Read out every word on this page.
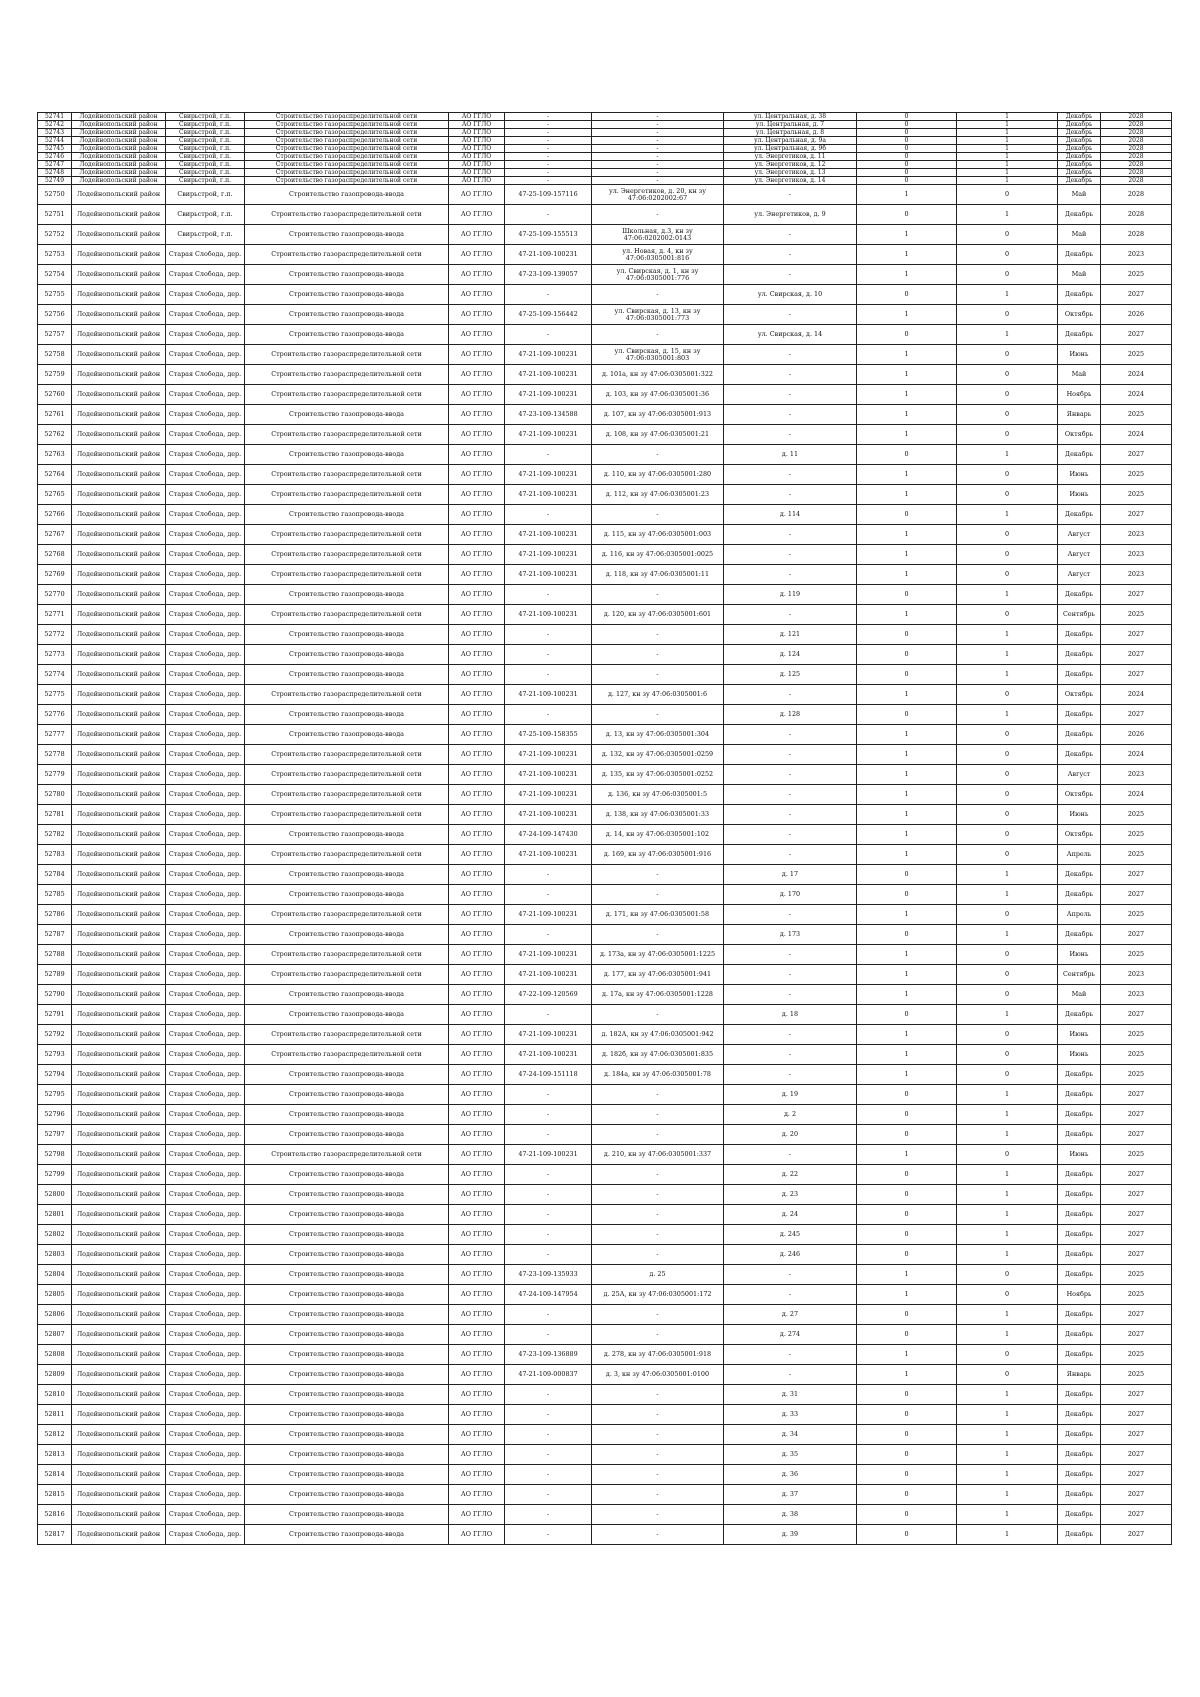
52741	Лодейнопольский район	Свирьстрой, г.п.	Строительство газораспределительной сети	АО ГГЛО	-	-	ул. Центральная, д. 38	0	1	Декабрь	2028
52742	Лодейнопольский район	Свирьстрой, г.п.	Строительство газораспределительной сети	АО ГГЛО	-	-	ул. Центральная, д. 7	0	1	Декабрь	2028
52743	Лодейнопольский район	Свирьстрой, г.п.	Строительство газораспределительной сети	АО ГГЛО	-	-	ул. Центральная, д. 8	0	1	Декабрь	2028
52744	Лодейнопольский район	Свирьстрой, г.п.	Строительство газораспределительной сети	АО ГГЛО	-	-	ул. Центральная, д. 9а	0	1	Декабрь	2028
52745	Лодейнопольский район	Свирьстрой, г.п.	Строительство газораспределительной сети	АО ГГЛО	-	-	ул. Центральная, д. 9б	0	1	Декабрь	2028
52746	Лодейнопольский район	Свирьстрой, г.п.	Строительство газораспределительной сети	АО ГГЛО	-	-	ул. Энергетиков, д. 11	0	1	Декабрь	2028
52747	Лодейнопольский район	Свирьстрой, г.п.	Строительство газораспределительной сети	АО ГГЛО	-	-	ул. Энергетиков, д. 12	0	1	Декабрь	2028
52748	Лодейнопольский район	Свирьстрой, г.п.	Строительство газораспределительной сети	АО ГГЛО	-	-	ул. Энергетиков, д. 13	0	1	Декабрь	2028
52749	Лодейнопольский район	Свирьстрой, г.п.	Строительство газораспределительной сети	АО ГГЛО	-	-	ул. Энергетиков, д. 14	0	1	Декабрь	2028
52750	Лодейнопольский район	Свирьстрой, г.п.	Строительство газопровода-ввода	АО ГГЛО	47-25-109-157116	ул. Энергетиков, д. 20, кн зу 47:06:0202002:67	-	1	0	Май	2028
52751	Лодейнопольский район	Свирьстрой, г.п.	Строительство газораспределительной сети	АО ГГЛО	-	-	ул. Энергетиков, д. 9	0	1	Декабрь	2028
52752	Лодейнопольский район	Свирьстрой, г.п.	Строительство газопровода-ввода	АО ГГЛО	47-25-109-155513	Школьная, д.3, кн зу 47:06:0202002:0143	-	1	0	Май	2028
52753	Лодейнопольский район	Старая Слобода, дер.	Строительство газораспределительной сети	АО ГГЛО	47-21-109-100231	ул. Новая, д. 4, кн зу 47:06:0305001:816	-	1	0	Декабрь	2023
52754	Лодейнопольский район	Старая Слобода, дер.	Строительство газопровода-ввода	АО ГГЛО	47-23-109-139057	ул. Свирская, д. 1, кн зу 47:06:0305001:776	-	1	0	Май	2025
52755	Лодейнопольский район	Старая Слобода, дер.	Строительство газопровода-ввода	АО ГГЛО	-	-	ул. Свирская, д. 10	0	1	Декабрь	2027
52756	Лодейнопольский район	Старая Слобода, дер.	Строительство газопровода-ввода	АО ГГЛО	47-25-109-156442	ул. Свирская, д. 13, кн зу 47:06:0305001:773	-	1	0	Октябрь	2026
52757	Лодейнопольский район	Старая Слобода, дер.	Строительство газопровода-ввода	АО ГГЛО	-	-	ул. Свирская, д. 14	0	1	Декабрь	2027
52758	Лодейнопольский район	Старая Слобода, дер.	Строительство газораспределительной сети	АО ГГЛО	47-21-109-100231	ул. Свирская, д. 15, кн зу 47:06:0305001:803	-	1	0	Июнь	2025
52759	Лодейнопольский район	Старая Слобода, дер.	Строительство газораспределительной сети	АО ГГЛО	47-21-109-100231	д. 101а, кн зу 47:06:0305001:322	-	1	0	Май	2024
52760	Лодейнопольский район	Старая Слобода, дер.	Строительство газораспределительной сети	АО ГГЛО	47-21-109-100231	д. 103, кн зу 47:06:0305001:36	-	1	0	Ноябрь	2024
52761	Лодейнопольский район	Старая Слобода, дер.	Строительство газопровода-ввода	АО ГГЛО	47-23-109-134588	д. 107, кн зу 47:06:0305001:913	-	1	0	Январь	2025
52762	Лодейнопольский район	Старая Слобода, дер.	Строительство газораспределительной сети	АО ГГЛО	47-21-109-100231	д. 108, кн зу 47:06:0305001:21	-	1	0	Октябрь	2024
52763	Лодейнопольский район	Старая Слобода, дер.	Строительство газопровода-ввода	АО ГГЛО	-	-	д. 11	0	1	Декабрь	2027
52764	Лодейнопольский район	Старая Слобода, дер.	Строительство газораспределительной сети	АО ГГЛО	47-21-109-100231	д. 110, кн зу 47:06:0305001:280	-	1	0	Июнь	2025
52765	Лодейнопольский район	Старая Слобода, дер.	Строительство газораспределительной сети	АО ГГЛО	47-21-109-100231	д. 112, кн зу 47:06:0305001:23	-	1	0	Июнь	2025
52766	Лодейнопольский район	Старая Слобода, дер.	Строительство газопровода-ввода	АО ГГЛО	-	-	д. 114	0	1	Декабрь	2027
52767	Лодейнопольский район	Старая Слобода, дер.	Строительство газораспределительной сети	АО ГГЛО	47-21-109-100231	д. 115, кн зу 47:06:0305001:003	-	1	0	Август	2023
52768	Лодейнопольский район	Старая Слобода, дер.	Строительство газораспределительной сети	АО ГГЛО	47-21-109-100231	д. 116, кн зу 47:06:0305001:0025	-	1	0	Август	2023
52769	Лодейнопольский район	Старая Слобода, дер.	Строительство газораспределительной сети	АО ГГЛО	47-21-109-100231	д. 118, кн зу 47:06:0305001:11	-	1	0	Август	2023
52770	Лодейнопольский район	Старая Слобода, дер.	Строительство газопровода-ввода	АО ГГЛО	-	-	д. 119	0	1	Декабрь	2027
52771	Лодейнопольский район	Старая Слобода, дер.	Строительство газораспределительной сети	АО ГГЛО	47-21-109-100231	д. 120, кн зу 47:06:0305001:601	-	1	0	Сентябрь	2025
52772	Лодейнопольский район	Старая Слобода, дер.	Строительство газопровода-ввода	АО ГГЛО	-	-	д. 121	0	1	Декабрь	2027
52773	Лодейнопольский район	Старая Слобода, дер.	Строительство газопровода-ввода	АО ГГЛО	-	-	д. 124	0	1	Декабрь	2027
52774	Лодейнопольский район	Старая Слобода, дер.	Строительство газопровода-ввода	АО ГГЛО	-	-	д. 125	0	1	Декабрь	2027
52775	Лодейнопольский район	Старая Слобода, дер.	Строительство газораспределительной сети	АО ГГЛО	47-21-109-100231	д. 127, кн зу 47:06:0305001:6	-	1	0	Октябрь	2024
52776	Лодейнопольский район	Старая Слобода, дер.	Строительство газопровода-ввода	АО ГГЛО	-	-	д. 128	0	1	Декабрь	2027
52777	Лодейнопольский район	Старая Слобода, дер.	Строительство газопровода-ввода	АО ГГЛО	47-25-109-158355	д. 13, кн зу 47:06:0305001:304	-	1	0	Декабрь	2026
52778	Лодейнопольский район	Старая Слобода, дер.	Строительство газораспределительной сети	АО ГГЛО	47-21-109-100231	д. 132, кн зу 47:06:0305001:0259	-	1	0	Декабрь	2024
52779	Лодейнопольский район	Старая Слобода, дер.	Строительство газораспределительной сети	АО ГГЛО	47-21-109-100231	д. 135, кн зу 47:06:0305001:0252	-	1	0	Август	2023
52780	Лодейнопольский район	Старая Слобода, дер.	Строительство газораспределительной сети	АО ГГЛО	47-21-109-100231	д. 136, кн зу 47:06:0305001:5	-	1	0	Октябрь	2024
52781	Лодейнопольский район	Старая Слобода, дер.	Строительство газораспределительной сети	АО ГГЛО	47-21-109-100231	д. 138, кн зу 47:06:0305001:33	-	1	0	Июнь	2025
52782	Лодейнопольский район	Старая Слобода, дер.	Строительство газопровода-ввода	АО ГГЛО	47-24-109-147430	д. 14, кн зу 47:06:0305001:102	-	1	0	Октябрь	2025
52783	Лодейнопольский район	Старая Слобода, дер.	Строительство газораспределительной сети	АО ГГЛО	47-21-109-100231	д. 169, кн зу 47:06:0305001:916	-	1	0	Апрель	2025
52784	Лодейнопольский район	Старая Слобода, дер.	Строительство газопровода-ввода	АО ГГЛО	-	-	д. 17	0	1	Декабрь	2027
52785	Лодейнопольский район	Старая Слобода, дер.	Строительство газопровода-ввода	АО ГГЛО	-	-	д. 170	0	1	Декабрь	2027
52786	Лодейнопольский район	Старая Слобода, дер.	Строительство газораспределительной сети	АО ГГЛО	47-21-109-100231	д. 171, кн зу 47:06:0305001:58	-	1	0	Апрель	2025
52787	Лодейнопольский район	Старая Слобода, дер.	Строительство газопровода-ввода	АО ГГЛО	-	-	д. 173	0	1	Декабрь	2027
52788	Лодейнопольский район	Старая Слобода, дер.	Строительство газораспределительной сети	АО ГГЛО	47-21-109-100231	д. 173а, кн зу 47:06:0305001:1225	-	1	0	Июнь	2025
52789	Лодейнопольский район	Старая Слобода, дер.	Строительство газораспределительной сети	АО ГГЛО	47-21-109-100231	д. 177, кн зу 47:06:0305001:941	-	1	0	Сентябрь	2023
52790	Лодейнопольский район	Старая Слобода, дер.	Строительство газопровода-ввода	АО ГГЛО	47-22-109-120569	д. 17а, кн зу 47:06:0305001:1228	-	1	0	Май	2023
52791	Лодейнопольский район	Старая Слобода, дер.	Строительство газопровода-ввода	АО ГГЛО	-	-	д. 18	0	1	Декабрь	2027
52792	Лодейнопольский район	Старая Слобода, дер.	Строительство газораспределительной сети	АО ГГЛО	47-21-109-100231	д. 182А, кн зу 47:06:0305001:942	-	1	0	Июнь	2025
52793	Лодейнопольский район	Старая Слобода, дер.	Строительство газораспределительной сети	АО ГГЛО	47-21-109-100231	д. 182б, кн зу 47:06:0305001:835	-	1	0	Июнь	2025
52794	Лодейнопольский район	Старая Слобода, дер.	Строительство газопровода-ввода	АО ГГЛО	47-24-109-151118	д. 184а, кн зу 47:06:0305001:78	-	1	0	Декабрь	2025
52795	Лодейнопольский район	Старая Слобода, дер.	Строительство газопровода-ввода	АО ГГЛО	-	-	д. 19	0	1	Декабрь	2027
52796	Лодейнопольский район	Старая Слобода, дер.	Строительство газопровода-ввода	АО ГГЛО	-	-	д. 2	0	1	Декабрь	2027
52797	Лодейнопольский район	Старая Слобода, дер.	Строительство газопровода-ввода	АО ГГЛО	-	-	д. 20	0	1	Декабрь	2027
52798	Лодейнопольский район	Старая Слобода, дер.	Строительство газораспределительной сети	АО ГГЛО	47-21-109-100231	д. 210, кн зу 47:06:0305001:337	-	1	0	Июнь	2025
52799	Лодейнопольский район	Старая Слобода, дер.	Строительство газопровода-ввода	АО ГГЛО	-	-	д. 22	0	1	Декабрь	2027
52800	Лодейнопольский район	Старая Слобода, дер.	Строительство газопровода-ввода	АО ГГЛО	-	-	д. 23	0	1	Декабрь	2027
52801	Лодейнопольский район	Старая Слобода, дер.	Строительство газопровода-ввода	АО ГГЛО	-	-	д. 24	0	1	Декабрь	2027
52802	Лодейнопольский район	Старая Слобода, дер.	Строительство газопровода-ввода	АО ГГЛО	-	-	д. 245	0	1	Декабрь	2027
52803	Лодейнопольский район	Старая Слобода, дер.	Строительство газопровода-ввода	АО ГГЛО	-	-	д. 246	0	1	Декабрь	2027
52804	Лодейнопольский район	Старая Слобода, дер.	Строительство газопровода-ввода	АО ГГЛО	47-23-109-135933	д. 25	-	1	0	Декабрь	2025
52805	Лодейнопольский район	Старая Слобода, дер.	Строительство газопровода-ввода	АО ГГЛО	47-24-109-147954	д. 25А, кн зу 47:06:0305001:172	-	1	0	Ноябрь	2025
52806	Лодейнопольский район	Старая Слобода, дер.	Строительство газопровода-ввода	АО ГГЛО	-	-	д. 27	0	1	Декабрь	2027
52807	Лодейнопольский район	Старая Слобода, дер.	Строительство газопровода-ввода	АО ГГЛО	-	-	д. 274	0	1	Декабрь	2027
52808	Лодейнопольский район	Старая Слобода, дер.	Строительство газопровода-ввода	АО ГГЛО	47-23-109-136889	д. 278, кн зу 47:06:0305001:918	-	1	0	Декабрь	2025
52809	Лодейнопольский район	Старая Слобода, дер.	Строительство газопровода-ввода	АО ГГЛО	47-21-109-000837	д. 3, кн зу 47:06:0305001:0100	-	1	0	Январь	2025
52810	Лодейнопольский район	Старая Слобода, дер.	Строительство газопровода-ввода	АО ГГЛО	-	-	д. 31	0	1	Декабрь	2027
52811	Лодейнопольский район	Старая Слобода, дер.	Строительство газопровода-ввода	АО ГГЛО	-	-	д. 33	0	1	Декабрь	2027
52812	Лодейнопольский район	Старая Слобода, дер.	Строительство газопровода-ввода	АО ГГЛО	-	-	д. 34	0	1	Декабрь	2027
52813	Лодейнопольский район	Старая Слобода, дер.	Строительство газопровода-ввода	АО ГГЛО	-	-	д. 35	0	1	Декабрь	2027
52814	Лодейнопольский район	Старая Слобода, дер.	Строительство газопровода-ввода	АО ГГЛО	-	-	д. 36	0	1	Декабрь	2027
52815	Лодейнопольский район	Старая Слобода, дер.	Строительство газопровода-ввода	АО ГГЛО	-	-	д. 37	0	1	Декабрь	2027
52816	Лодейнопольский район	Старая Слобода, дер.	Строительство газопровода-ввода	АО ГГЛО	-	-	д. 38	0	1	Декабрь	2027
52817	Лодейнопольский район	Старая Слобода, дер.	Строительство газопровода-ввода	АО ГГЛО	-	-	д. 39	0	1	Декабрь	2027
